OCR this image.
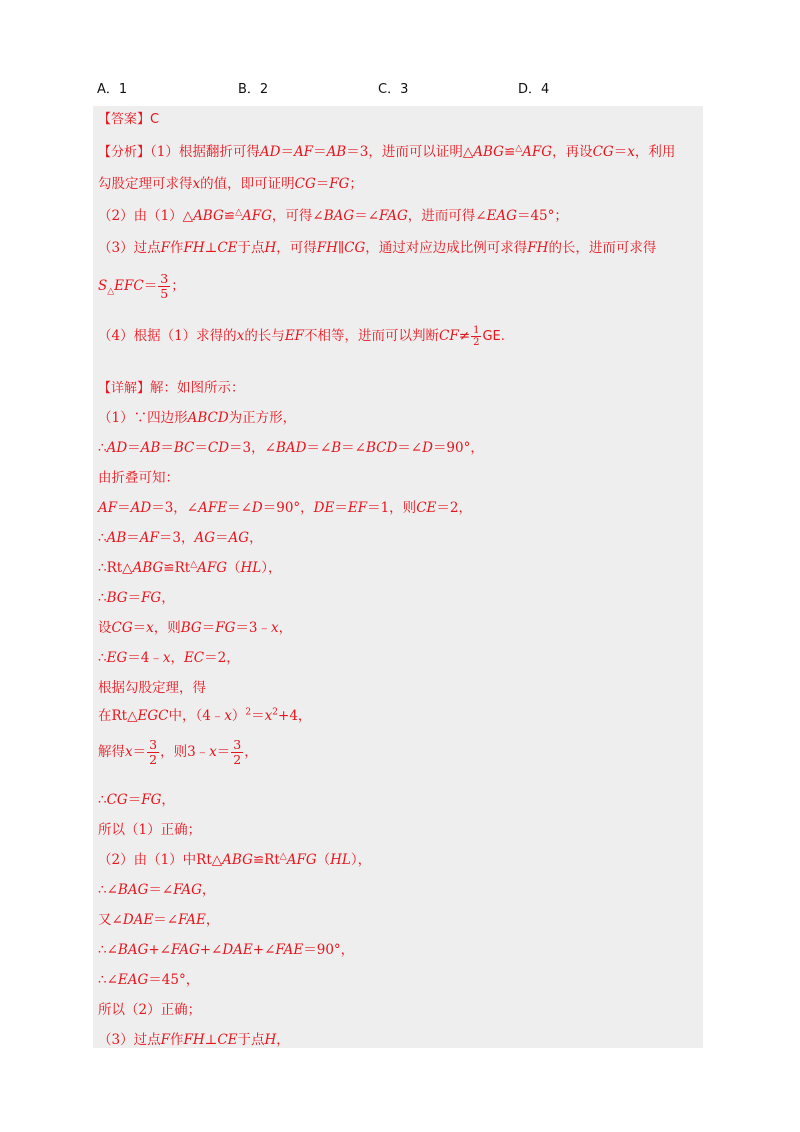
A．1	B．2	C．3	D．4
【答案】C
【分析】（1）根据翻折可得AD＝AF＝AB＝3，进而可以证明△ABG≌△AFG，再设CG＝x，利用
勾股定理可求得x的值，即可证明CG＝FG；
（2）由（1）△ABG≌△AFG，可得∠BAG＝∠FAG，进而可得∠EAG＝45°；
（3）过点F作FH⊥CE于点H，可得FH∥CG，通过对应边成比例可求得FH的长，进而可求得
$S_\triangle EFC= \frac{3}{5}$ ；
（4）根据（1）求得的x的长与EF不相等，进而可以判断$CF\ne \frac{1}{2}$ GE.
【详解】解：如图所示：
（1）∵四边形ABCD为正方形，
∴AD＝AB＝BC＝CD＝3，∠BAD＝∠B＝∠BCD＝∠D＝90°，
由折叠可知：
AF＝AD＝3，∠AFE＝∠D＝90°，DE＝EF＝1，则CE＝2，
∴AB＝AF＝3，AG＝AG，
∴Rt△ABG≌Rt△AFG（HL），
∴BG＝FG，
设CG＝x，则BG＝FG＝3﹣x，
∴EG＝4﹣x，EC＝2，
根据勾股定理，得
在Rt△EGC中，$(4﹣x)^2=x^2+4$，
解得$x= \frac{3}{2}$ ，则3﹣x＝ $\frac{3}{2}$ ，
∴CG＝FG，
所以（1）正确；
（2）由（1）中Rt△ABG≌Rt△AFG（HL），
∴∠BAG＝∠FAG，
又∠DAE＝∠FAE，
∴∠BAG+∠FAG+∠DAE+∠FAE＝90°，
∴∠EAG＝45°，
所以（2）正确；
（3）过点F作FH⊥CE于点H，
